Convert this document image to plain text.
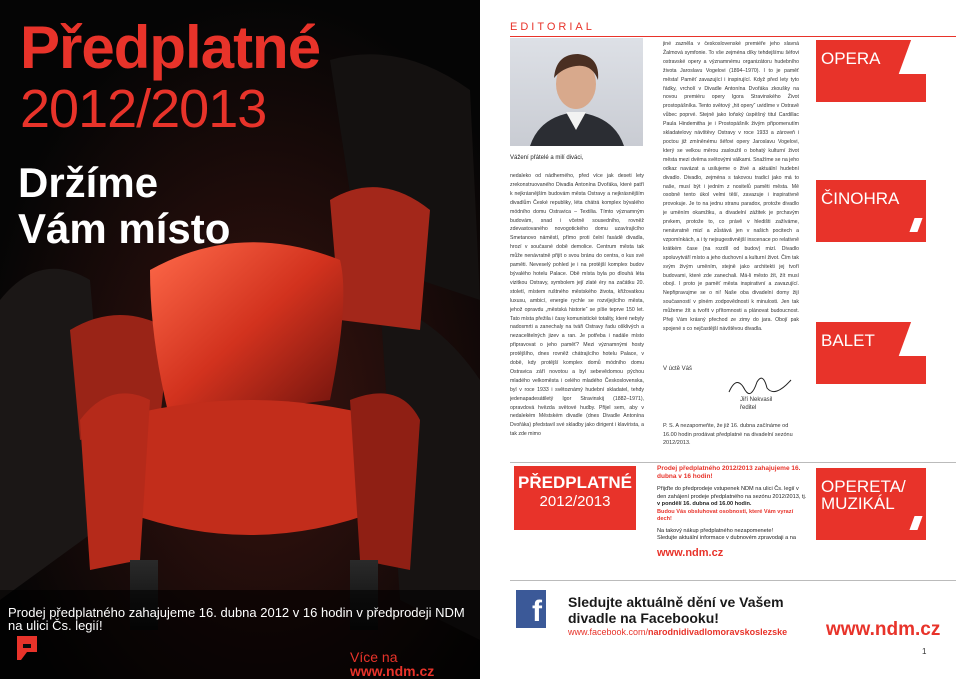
Předplatné
2012/2013
Držíme
Vám místo
Prodej předplatného zahajujeme 16. dubna 2012 v 16 hodin v předprodeji NDM na ulici Čs. legií!
Více na www.ndm.cz
EDITORIAL
Vážení přátelé a milí diváci,
nedaleko od nádherného, před více jak deseti lety zrekonstruovaného Divadla Antonína Dvořáka, které patří k nejkrásnějším budovám města Ostravy a nejkrásnějším divadlům České republiky, léta chátrá komplex bývalého módního domu Ostravica – Textilia. Tímto významným budovám, snad i včetně sousedního, rovněž zdevastovaného novogotického domu uzavírajícího Smetanovo náměstí, přímo proti čelní fasádě divadla, hrozí v současné době demolice. Centrum města tak může nenávratně přijít o svou bránu do centra, o kus své paměti. Neveselý pohled je i na protější komplex budov bývalého hotelu Palace. Obě místa byla po dlouhá léta vizitkou Ostravy, symbolem její zlaté éry na začátku 20. století, místem ruštného městského života, křižovatkou luxusu, ambicí, energie rychle se rozvíjejícího města, jehož opravdu „městská historie“ se píše teprve 150 let. Tato místa přežila i časy komunistické totality, které nebyly nadosmrti a zanechaly na tváři Ostravy řadu ošklivých a nezacelitelných jizev a ran. Je potřeba i nadále místo připravovat o jeho paměť? Mezi významnými hosty protějšího, dnes rovněž chátrajícího hotelu Palace, v době, kdy protější komplex domů módního domu Ostravica září novotou a byl sebevědomou pýchou mladého velkoměsta i celého mladého Československa, byl v roce 1933 i světoznámý hudební skladatel, tehdy jedenapadesátiletý Igor Stravinskij (1882–1971), opravdová hvězda světové hudby. Přijel sem, aby v nedalekém Městském divadle (dnes Divadle Antonína Dvořáka) představil své skladby jako dirigent i klavírista, a tak zde mimo
jiné zazněla v československé premiéře jeho slavná Žalmová symfonie. To vše zejména díky tehdejšímu šéfovi ostravské opery a významnému organizátoru hudebního života Jaroslavu Vogelovi (1894–1970). I to je paměť města! Paměť zavazující i inspirující. Když před lety tyto řádky, vrcholí v Divadle Antonína Dvořáka zkoušky na novou premiéru opery Igora Stravinského Život prostopášníka. Tento světový „hit opery“ uvidíme v Ostravě vůbec poprvé. Stejně jako loňský úspěšný titul Cardillac Paula Hindemitha je i Prostopášník živým připomenutím skladatelovy návštěvy Ostravy v roce 1933 a zároveň i poctou již zmíněnému šéfovi opery Jaroslavu Vogelovi, který se velkou měrou zasloužil o bohatý kulturní život města mezi dvěma světovými válkami. Snažíme se na jeho odkaz navázat a usilujeme o živé a aktuální hudební divadlo. Divadlo, zejména s takovou tradicí jako má to naše, musí být i jedním z nositelů paměti města. Mě osobně tento úkol velmi těší, zavazuje i inspirativně provokuje. Je to na jednu stranu paradox, protože divadlo je uměním okamžiku, a divadelní zážitek je prchavým prvkem, protože to, co právě v hledišti zažíváme, nenávratně mizí a zůstává jen v našich pocitech a vzpomínkách, a i ty nejsugestivnější inscenace po relativně krátkém čase (na rozdíl od budov) mizí. Divadlo spoluvytváří místo a jeho duchovní a kulturní život. Čím tak svým živým uměním, stejně jako architekti jej tvoří budovami, které zde zanechali. Má-li město žít, žít musí obojí. I proto je paměť města inspirativní a zavazující. Nepřipravujme se o ni! Naše oba divadelní domy žijí současností v plném zodpovědnosti k minulosti. Jen tak můžeme žít a tvořit v přítomnosti a plánovat budoucnost. Přeji Vám krásný přechod ze zimy do jara. Obojí pak spojené s co nejčastější návštěvou divadla.
V úctě Váš
Jiří Nekvasil
ředitel
P. S. A nezapomeňte, že již 16. dubna začínáme od 16.00 hodin prodávat předplatné na divadelní sezónu 2012/2013.
OPERA
ČINOHRA
BALET
OPERETA/ MUZIKÁL
PŘEDPLATNÉ
2012/2013
Prodej předplatného 2012/2013 zahajujeme 16. dubna v 16 hodin!
Přijďte do předprodeje vstupenek NDM na ulici Čs. legií v den zahájení prodeje předplatného na sezónu 2012/2013, tj. v pondělí 16. dubna od 16.00 hodin.
Budou Vás obsluhovat osobnosti, které Vám vyrazí dech!
Na takový nákup předplatného nezapomenete!
Sledujte aktuální informace v dubnovém zpravodaji a na
www.ndm.cz
f Sledujte aktuálně dění ve Vašem
divadle na Facebooku!
www.facebook.com/narodnidivadlomoravskoslezske www.ndm.cz
1
